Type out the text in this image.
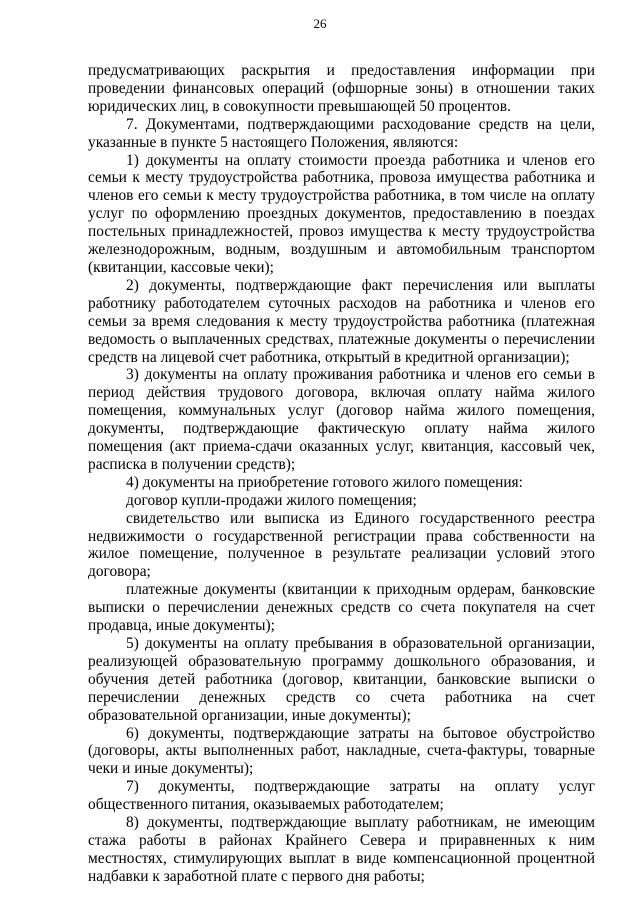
26

предусматривающих раскрытия и предоставления информации при проведении финансовых операций (офшорные зоны) в отношении таких юридических лиц, в совокупности превышающей 50 процентов.

7. Документами, подтверждающими расходование средств на цели, указанные в пункте 5 настоящего Положения, являются:

1) документы на оплату стоимости проезда работника и членов его семьи к месту трудоустройства работника, провоза имущества работника и членов его семьи к месту трудоустройства работника, в том числе на оплату услуг по оформлению проездных документов, предоставлению в поездах постельных принадлежностей, провоз имущества к месту трудоустройства железнодорожным, водным, воздушным и автомобильным транспортом (квитанции, кассовые чеки);

2) документы, подтверждающие факт перечисления или выплаты работнику работодателем суточных расходов на работника и членов его семьи за время следования к месту трудоустройства работника (платежная ведомость о выплаченных средствах, платежные документы о перечислении средств на лицевой счет работника, открытый в кредитной организации);

3) документы на оплату проживания работника и членов его семьи в период действия трудового договора, включая оплату найма жилого помещения, коммунальных услуг (договор найма жилого помещения, документы, подтверждающие фактическую оплату найма жилого помещения (акт приема-сдачи оказанных услуг, квитанция, кассовый чек, расписка в получении средств);

4) документы на приобретение готового жилого помещения:

договор купли-продажи жилого помещения;

свидетельство или выписка из Единого государственного реестра недвижимости о государственной регистрации права собственности на жилое помещение, полученное в результате реализации условий этого договора;

платежные документы (квитанции к приходным ордерам, банковские выписки о перечислении денежных средств со счета покупателя на счет продавца, иные документы);

5) документы на оплату пребывания в образовательной организации, реализующей образовательную программу дошкольного образования, и обучения детей работника (договор, квитанции, банковские выписки о перечислении денежных средств со счета работника на счет образовательной организации, иные документы);

6) документы, подтверждающие затраты на бытовое обустройство (договоры, акты выполненных работ, накладные, счета-фактуры, товарные чеки и иные документы);

7) документы, подтверждающие затраты на оплату услуг общественного питания, оказываемых работодателем;

8) документы, подтверждающие выплату работникам, не имеющим стажа работы в районах Крайнего Севера и приравненных к ним местностях, стимулирующих выплат в виде компенсационной процентной надбавки к заработной плате с первого дня работы;
